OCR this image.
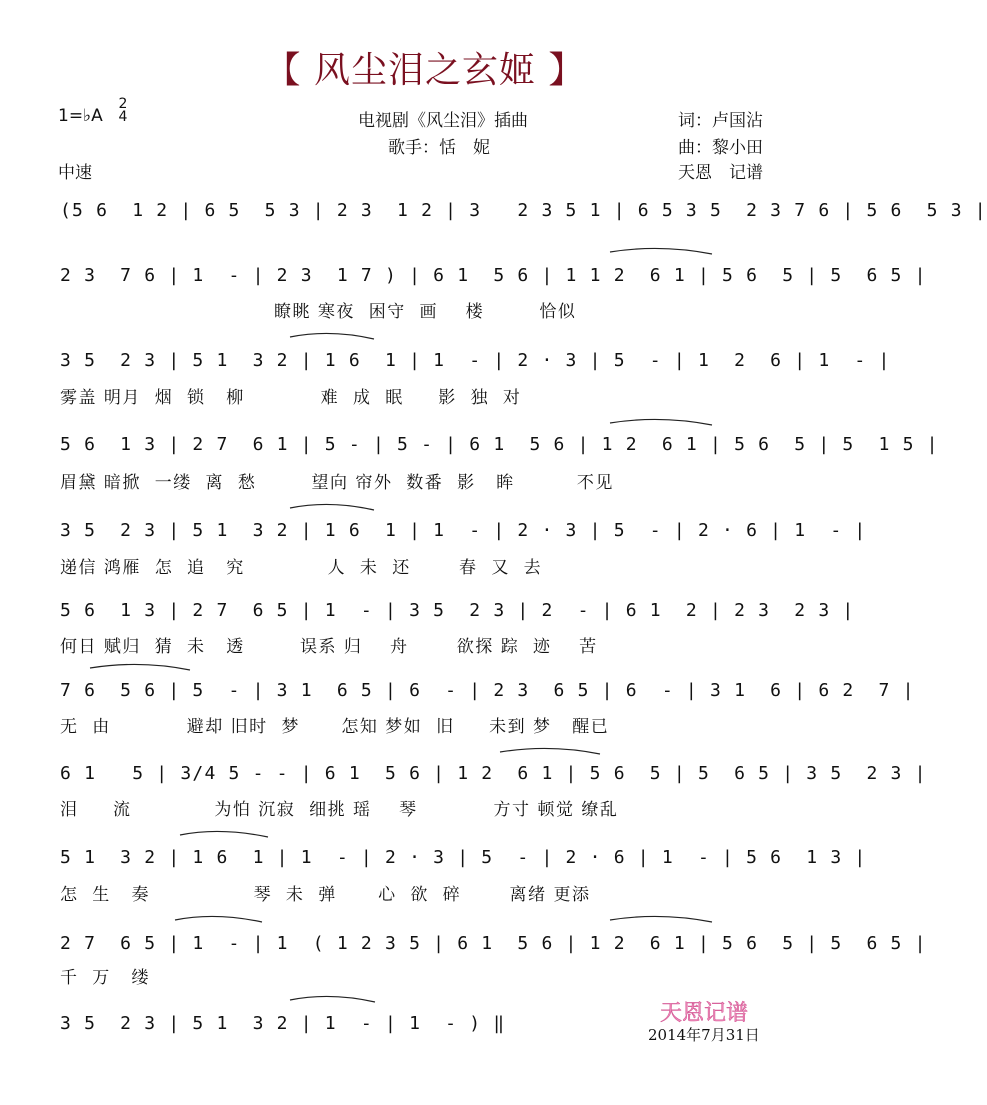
【 风尘泪之玄姬 】
1=♭A
2
4	电视剧《风尘泪》插曲
歌手：恬　妮
词：卢国沾
曲：黎小田
中速	天恩　记谱
(5 6  1 2 | 6 5  5 3 | 2 3  1 2 | 3   2 3 5 1 | 6 5 3 5  2 3 7 6 | 5 6  5 3 |
2 3  7 6 | 1  - | 2 3  1 7 ) | 6 1  5 6 | 1 1 2  6 1 | 5 6  5 | 5  6 5 |
瞭眺 寒夜  困守  画    楼        恰似
3 5  2 3 | 5 1  3 2 | 1 6  1 | 1  - | 2 · 3 | 5  - | 1  2  6 | 1  - |
雾盖 明月  烟  锁   柳           难  成  眠     影  独  对
5 6  1 3 | 2 7  6 1 | 5 - | 5 - | 6 1  5 6 | 1 2  6 1 | 5 6  5 | 5  1 5 |
眉黛 暗掀  一缕  离  愁        望向 帘外  数番  影   眸         不见
3 5  2 3 | 5 1  3 2 | 1 6  1 | 1  - | 2 · 3 | 5  - | 2 · 6 | 1  - |
递信 鸿雁  怎  追   究            人  未  还       春  又  去
5 6  1 3 | 2 7  6 5 | 1  - | 3 5  2 3 | 2  - | 6 1  2 | 2 3  2 3 |
何日 赋归  猜  未   透        误系 归    舟       欲探 踪  迹    苦
7 6  5 6 | 5  - | 3 1  6 5 | 6  - | 2 3  6 5 | 6  - | 3 1  6 | 6 2  7 |
无  由           避却 旧时  梦      怎知 梦如  旧     未到 梦   醒已
6 1   5 | 3/4 5 - - | 6 1  5 6 | 1 2  6 1 | 5 6  5 | 5  6 5 | 3 5  2 3 |
泪     流            为怕 沉寂  细挑 瑶    琴           方寸 顿觉 缭乱
5 1  3 2 | 1 6  1 | 1  - | 2 · 3 | 5  - | 2 · 6 | 1  - | 5 6  1 3 |
怎  生   奏               琴  未  弹      心  欲  碎       离绪 更添
2 7  6 5 | 1  - | 1  ( 1 2 3 5 | 6 1  5 6 | 1 2  6 1 | 5 6  5 | 5  6 5 |
千  万   缕
3 5  2 3 | 5 1  3 2 | 1  - | 1  - ) ‖	天恩记谱
2014年7月31日
